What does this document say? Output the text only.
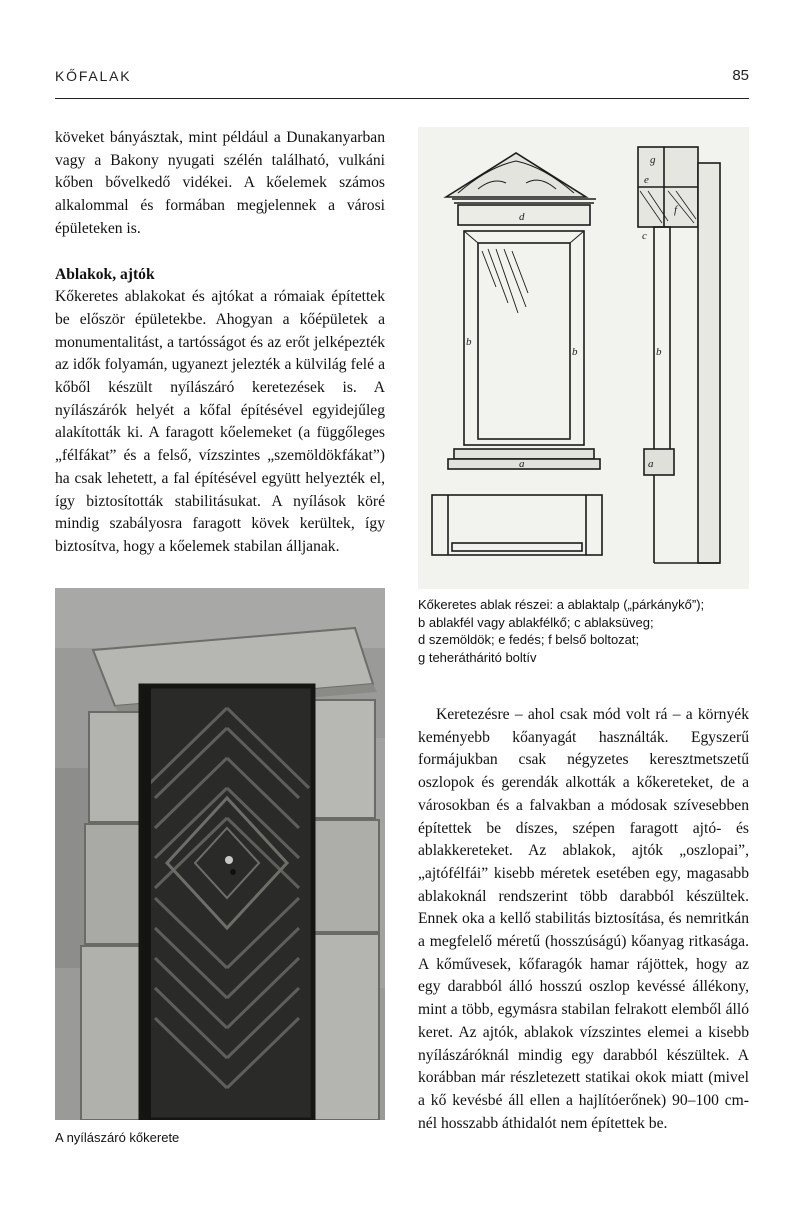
KŐFALAK	85

köveket bányásztak, mint például a Dunakanyarban vagy a Bakony nyugati szélén található, vulkáni kőben bővelkedő vidékei. A kőelemek számos alkalommal és formában megjelennek a városi épületeken is.

Ablakok, ajtók

Kőkeretes ablakokat és ajtókat a rómaiak építettek be először épületekbe. Ahogyan a kőépületek a monumentalitást, a tartósságot és az erőt jelképezték az idők folyamán, ugyanezt jelezték a külvilág felé a kőből készült nyílászáró keretezések is. A nyílászárók helyét a kőfal építésével egyidejűleg alakították ki. A faragott kőelemeket (a függőleges „félfákat” és a felső, vízszintes „szemöldökfákat”) ha csak lehetett, a fal építésével együtt helyezték el, így biztosították stabilitásukat. A nyílások köré mindig szabályosra faragott kövek kerültek, így biztosítva, hogy a kőelemek stabilan álljanak.

A nyílászáró kőkerete
d
b
b
a
b
g
e
f
a
c
Kőkeretes ablak részei: a ablaktalp („párkánykő”);
b ablakfél vagy ablakfélkő; c ablaksüveg;
d szemöldök; e fedés; f belső boltozat;
g teherátháritó boltív

Keretezésre – ahol csak mód volt rá – a környék keményebb kőanyagát használták. Egyszerű formájukban csak négyzetes keresztmetszetű oszlopok és gerendák alkották a kőkereteket, de a városokban és a falvakban a módosak szívesebben építettek be díszes, szépen faragott ajtó- és ablakkereteket. Az ablakok, ajtók „oszlopai”, „ajtófélfái” kisebb méretek esetében egy, magasabb ablakoknál rendszerint több darabból készültek. Ennek oka a kellő stabilitás biztosítása, és nemritkán a megfelelő méretű (hosszúságú) kőanyag ritkasága. A kőművesek, kőfaragók hamar rájöttek, hogy az egy darabból álló hosszú oszlop kevéssé állékony, mint a több, egymásra stabilan felrakott elemből álló keret. Az ajtók, ablakok vízszintes elemei a kisebb nyílászáróknál mindig egy darabból készültek. A korábban már részletezett statikai okok miatt (mivel a kő kevésbé áll ellen a hajlítóerőnek) 90–100 cm-nél hosszabb áthidalót nem építettek be.
